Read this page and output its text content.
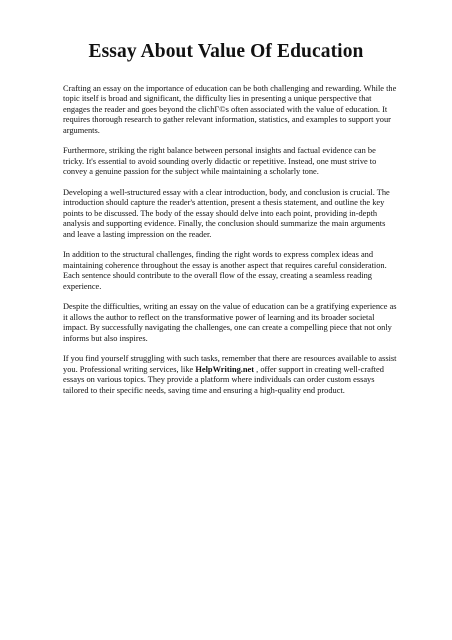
Essay About Value Of Education

Crafting an essay on the importance of education can be both challenging and rewarding. While the topic itself is broad and significant, the difficulty lies in presenting a unique perspective that engages the reader and goes beyond the clichГ©s often associated with the value of education. It requires thorough research to gather relevant information, statistics, and examples to support your arguments.

Furthermore, striking the right balance between personal insights and factual evidence can be tricky. It's essential to avoid sounding overly didactic or repetitive. Instead, one must strive to convey a genuine passion for the subject while maintaining a scholarly tone.

Developing a well-structured essay with a clear introduction, body, and conclusion is crucial. The introduction should capture the reader's attention, present a thesis statement, and outline the key points to be discussed. The body of the essay should delve into each point, providing in-depth analysis and supporting evidence. Finally, the conclusion should summarize the main arguments and leave a lasting impression on the reader.

In addition to the structural challenges, finding the right words to express complex ideas and maintaining coherence throughout the essay is another aspect that requires careful consideration. Each sentence should contribute to the overall flow of the essay, creating a seamless reading experience.

Despite the difficulties, writing an essay on the value of education can be a gratifying experience as it allows the author to reflect on the transformative power of learning and its broader societal impact. By successfully navigating the challenges, one can create a compelling piece that not only informs but also inspires.

If you find yourself struggling with such tasks, remember that there are resources available to assist you. Professional writing services, like HelpWriting.net , offer support in creating well-crafted essays on various topics. They provide a platform where individuals can order custom essays tailored to their specific needs, saving time and ensuring a high-quality end product.
